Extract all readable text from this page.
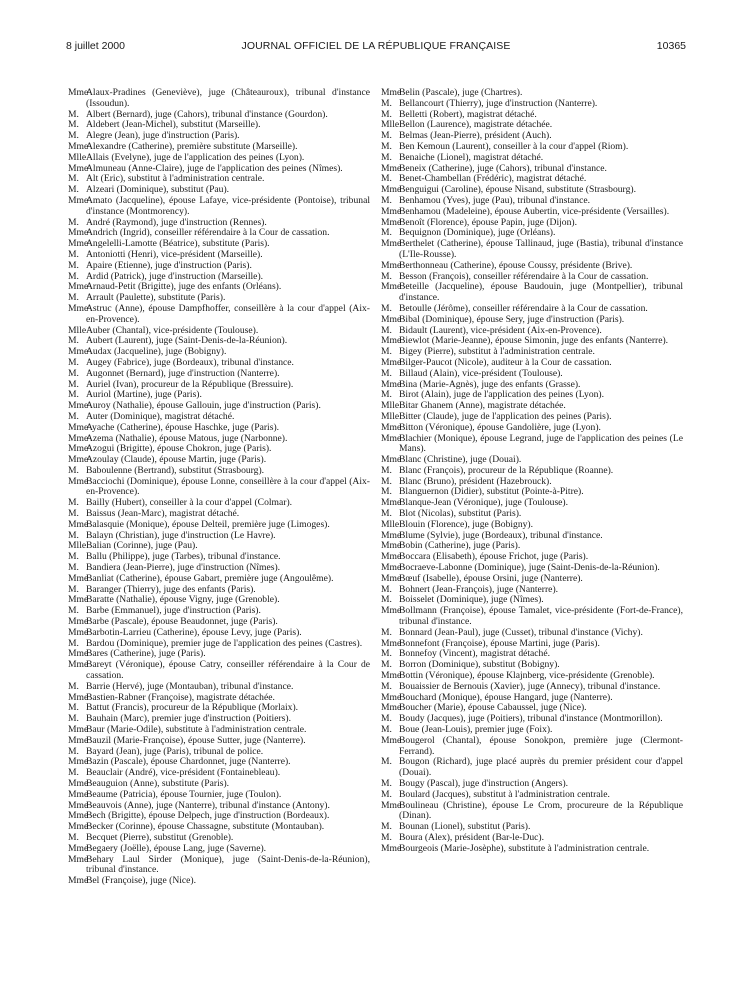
8 juillet 2000	JOURNAL OFFICIEL DE LA RÉPUBLIQUE FRANÇAISE	10365
Mme
Alaux-Pradines (Geneviève), juge (Châteauroux), tribunal d'instance (Issoudun).
M. Albert (Bernard), juge (Cahors), tribunal d'instance (Gourdon).
M. Aldebert (Jean-Michel), substitut (Marseille).
M. Alegre (Jean), juge d'instruction (Paris).
Mme
Alexandre (Catherine), première substitute (Marseille).
Mlle Allais (Evelyne), juge de l'application des peines (Lyon).
Mme
Almuneau (Anne-Claire), juge de l'application des peines (Nîmes).
M. Alt (Eric), substitut à l'administration centrale.
M. Alzeari (Dominique), substitut (Pau).
Mme
Amato (Jacqueline), épouse Lafaye, vice-présidente (Pontoise), tribunal d'instance (Montmorency).
M. André (Raymond), juge d'instruction (Rennes).
Mme
Andrich (Ingrid), conseiller référendaire à la Cour de cassation.
Mme
Angelelli-Lamotte (Béatrice), substitute (Paris).
M. Antoniotti (Henri), vice-président (Marseille).
M. Apaire (Etienne), juge d'instruction (Paris).
M. Ardid (Patrick), juge d'instruction (Marseille).
Mme
Arnaud-Petit (Brigitte), juge des enfants (Orléans).
M. Arrault (Paulette), substitute (Paris).
Mme
Astruc (Anne), épouse Dampfhoffer, conseillère à la cour d'appel (Aix-en-Provence).
Mlle Auber (Chantal), vice-présidente (Toulouse).
M. Aubert (Laurent), juge (Saint-Denis-de-la-Réunion).
Mme
Audax (Jacqueline), juge (Bobigny).
M. Augey (Fabrice), juge (Bordeaux), tribunal d'instance.
M. Augonnet (Bernard), juge d'instruction (Nanterre).
M. Auriel (Ivan), procureur de la République (Bressuire).
M. Auriol (Martine), juge (Paris).
Mme
Auroy (Nathalie), épouse Gallouin, juge d'instruction (Paris).
M. Auter (Dominique), magistrat détaché.
Mme
Ayache (Catherine), épouse Haschke, juge (Paris).
Mme
Azema (Nathalie), épouse Matous, juge (Narbonne).
Mme
Azogui (Brigitte), épouse Chokron, juge (Paris).
Mme
Azoulay (Claude), épouse Martin, juge (Paris).
M. Baboulenne (Bertrand), substitut (Strasbourg).
Mme
Bacciochi (Dominique), épouse Lonne, conseillère à la cour d'appel (Aix-en-Provence).
M. Bailly (Hubert), conseiller à la cour d'appel (Colmar).
M. Baissus (Jean-Marc), magistrat détaché.
Mme
Balasquie (Monique), épouse Delteil, première juge (Limoges).
M. Balayn (Christian), juge d'instruction (Le Havre).
Mlle Balian (Corinne), juge (Pau).
M. Ballu (Philippe), juge (Tarbes), tribunal d'instance.
M. Bandiera (Jean-Pierre), juge d'instruction (Nîmes).
Mme
Banliat (Catherine), épouse Gabart, première juge (Angoulême).
M. Baranger (Thierry), juge des enfants (Paris).
Mme
Baratte (Nathalie), épouse Vigny, juge (Grenoble).
M. Barbe (Emmanuel), juge d'instruction (Paris).
Mme
Barbe (Pascale), épouse Beaudonnet, juge (Paris).
Mme
Barbotin-Larrieu (Catherine), épouse Levy, juge (Paris).
M. Bardou (Dominique), premier juge de l'application des peines (Castres).
Mme
Bares (Catherine), juge (Paris).
Mme
Bareyt (Véronique), épouse Catry, conseiller référendaire à la Cour de cassation.
M. Barrie (Hervé), juge (Montauban), tribunal d'instance.
Mme
Bastien-Rabner (Françoise), magistrate détachée.
M. Battut (Francis), procureur de la République (Morlaix).
M. Bauhain (Marc), premier juge d'instruction (Poitiers).
Mme
Baur (Marie-Odile), substitute à l'administration centrale.
Mme
Bauzil (Marie-Françoise), épouse Sutter, juge (Nanterre).
M. Bayard (Jean), juge (Paris), tribunal de police.
Mme
Bazin (Pascale), épouse Chardonnet, juge (Nanterre).
M. Beauclair (André), vice-président (Fontainebleau).
Mme
Beauguion (Anne), substitute (Paris).
Mme
Beaume (Patricia), épouse Tournier, juge (Toulon).
Mme
Beauvois (Anne), juge (Nanterre), tribunal d'instance (Antony).
Mme
Bech (Brigitte), épouse Delpech, juge d'instruction (Bordeaux).
Mme
Becker (Corinne), épouse Chassagne, substitute (Montauban).
M. Becquet (Pierre), substitut (Grenoble).
Mme
Begaery (Joëlle), épouse Lang, juge (Saverne).
Mme
Behary Laul Sirder (Monique), juge (Saint-Denis-de-la-Réunion), tribunal d'instance.
Mme
Bel (Françoise), juge (Nice).
Mme
Belin (Pascale), juge (Chartres).
M. Bellancourt (Thierry), juge d'instruction (Nanterre).
M. Belletti (Robert), magistrat détaché.
Mlle Bellon (Laurence), magistrate détachée.
M. Belmas (Jean-Pierre), président (Auch).
M. Ben Kemoun (Laurent), conseiller à la cour d'appel (Riom).
M. Benaiche (Lionel), magistrat détaché.
Mme
Beneix (Catherine), juge (Cahors), tribunal d'instance.
M. Benet-Chambellan (Frédéric), magistrat détaché.
Mme
Benguigui (Caroline), épouse Nisand, substitute (Strasbourg).
M. Benhamou (Yves), juge (Pau), tribunal d'instance.
Mme
Benhamou (Madeleine), épouse Aubertin, vice-présidente (Versailles).
Mme
Benoît (Florence), épouse Papin, juge (Dijon).
M. Bequignon (Dominique), juge (Orléans).
Mme
Berthelet (Catherine), épouse Tallinaud, juge (Bastia), tribunal d'instance (L'Ile-Rousse).
Mme
Berthonneau (Catherine), épouse Coussy, présidente (Brive).
M. Besson (François), conseiller référendaire à la Cour de cassation.
Mme
Beteille (Jacqueline), épouse Baudouin, juge (Montpellier), tribunal d'instance.
M. Betoulle (Jérôme), conseiller référendaire à la Cour de cassation.
Mme
Bibal (Dominique), épouse Sery, juge d'instruction (Paris).
M. Bidault (Laurent), vice-président (Aix-en-Provence).
Mme
Biewlot (Marie-Jeanne), épouse Simonin, juge des enfants (Nanterre).
M. Bigey (Pierre), substitut à l'administration centrale.
Mme
Bilger-Paucot (Nicole), auditeur à la Cour de cassation.
M. Billaud (Alain), vice-président (Toulouse).
Mme
Bina (Marie-Agnès), juge des enfants (Grasse).
M. Birot (Alain), juge de l'application des peines (Lyon).
Mlle Bitar Ghanem (Anne), magistrate détachée.
Mlle Bitter (Claude), juge de l'application des peines (Paris).
Mme
Bitton (Véronique), épouse Gandolière, juge (Lyon).
Mme
Blachier (Monique), épouse Legrand, juge de l'application des peines (Le Mans).
Mme
Blanc (Christine), juge (Douai).
M. Blanc (François), procureur de la République (Roanne).
M. Blanc (Bruno), président (Hazebrouck).
M. Blanguernon (Didier), substitut (Pointe-à-Pitre).
Mme
Blanque-Jean (Véronique), juge (Toulouse).
M. Blot (Nicolas), substitut (Paris).
Mlle Blouin (Florence), juge (Bobigny).
Mme
Blume (Sylvie), juge (Bordeaux), tribunal d'instance.
Mme
Bobin (Catherine), juge (Paris).
Mme
Boccara (Elisabeth), épouse Frichot, juge (Paris).
Mme
Bocraeve-Labonne (Dominique), juge (Saint-Denis-de-la-Réunion).
Mme
Bœuf (Isabelle), épouse Orsini, juge (Nanterre).
M. Bohnert (Jean-François), juge (Nanterre).
M. Boisselet (Dominique), juge (Nîmes).
Mme
Bollmann (Françoise), épouse Tamalet, vice-présidente (Fort-de-France), tribunal d'instance.
M. Bonnard (Jean-Paul), juge (Cusset), tribunal d'instance (Vichy).
Mme
Bonnefont (Françoise), épouse Martini, juge (Paris).
M. Bonnefoy (Vincent), magistrat détaché.
M. Borron (Dominique), substitut (Bobigny).
Mme
Bottin (Véronique), épouse Klajnberg, vice-présidente (Grenoble).
M. Bouaissier de Bernouis (Xavier), juge (Annecy), tribunal d'instance.
Mme
Bouchard (Monique), épouse Hangard, juge (Nanterre).
Mme
Boucher (Marie), épouse Cabaussel, juge (Nice).
M. Boudy (Jacques), juge (Poitiers), tribunal d'instance (Montmorillon).
M. Boue (Jean-Louis), premier juge (Foix).
Mme
Bougerol (Chantal), épouse Sonokpon, première juge (Clermont-Ferrand).
M. Bougon (Richard), juge placé auprès du premier président cour d'appel (Douai).
M. Bougy (Pascal), juge d'instruction (Angers).
M. Boulard (Jacques), substitut à l'administration centrale.
Mme
Boulineau (Christine), épouse Le Crom, procureure de la République (Dinan).
M. Bounan (Lionel), substitut (Paris).
M. Boura (Alex), président (Bar-le-Duc).
Mme
Bourgeois (Marie-Josèphe), substitute à l'administration centrale.
